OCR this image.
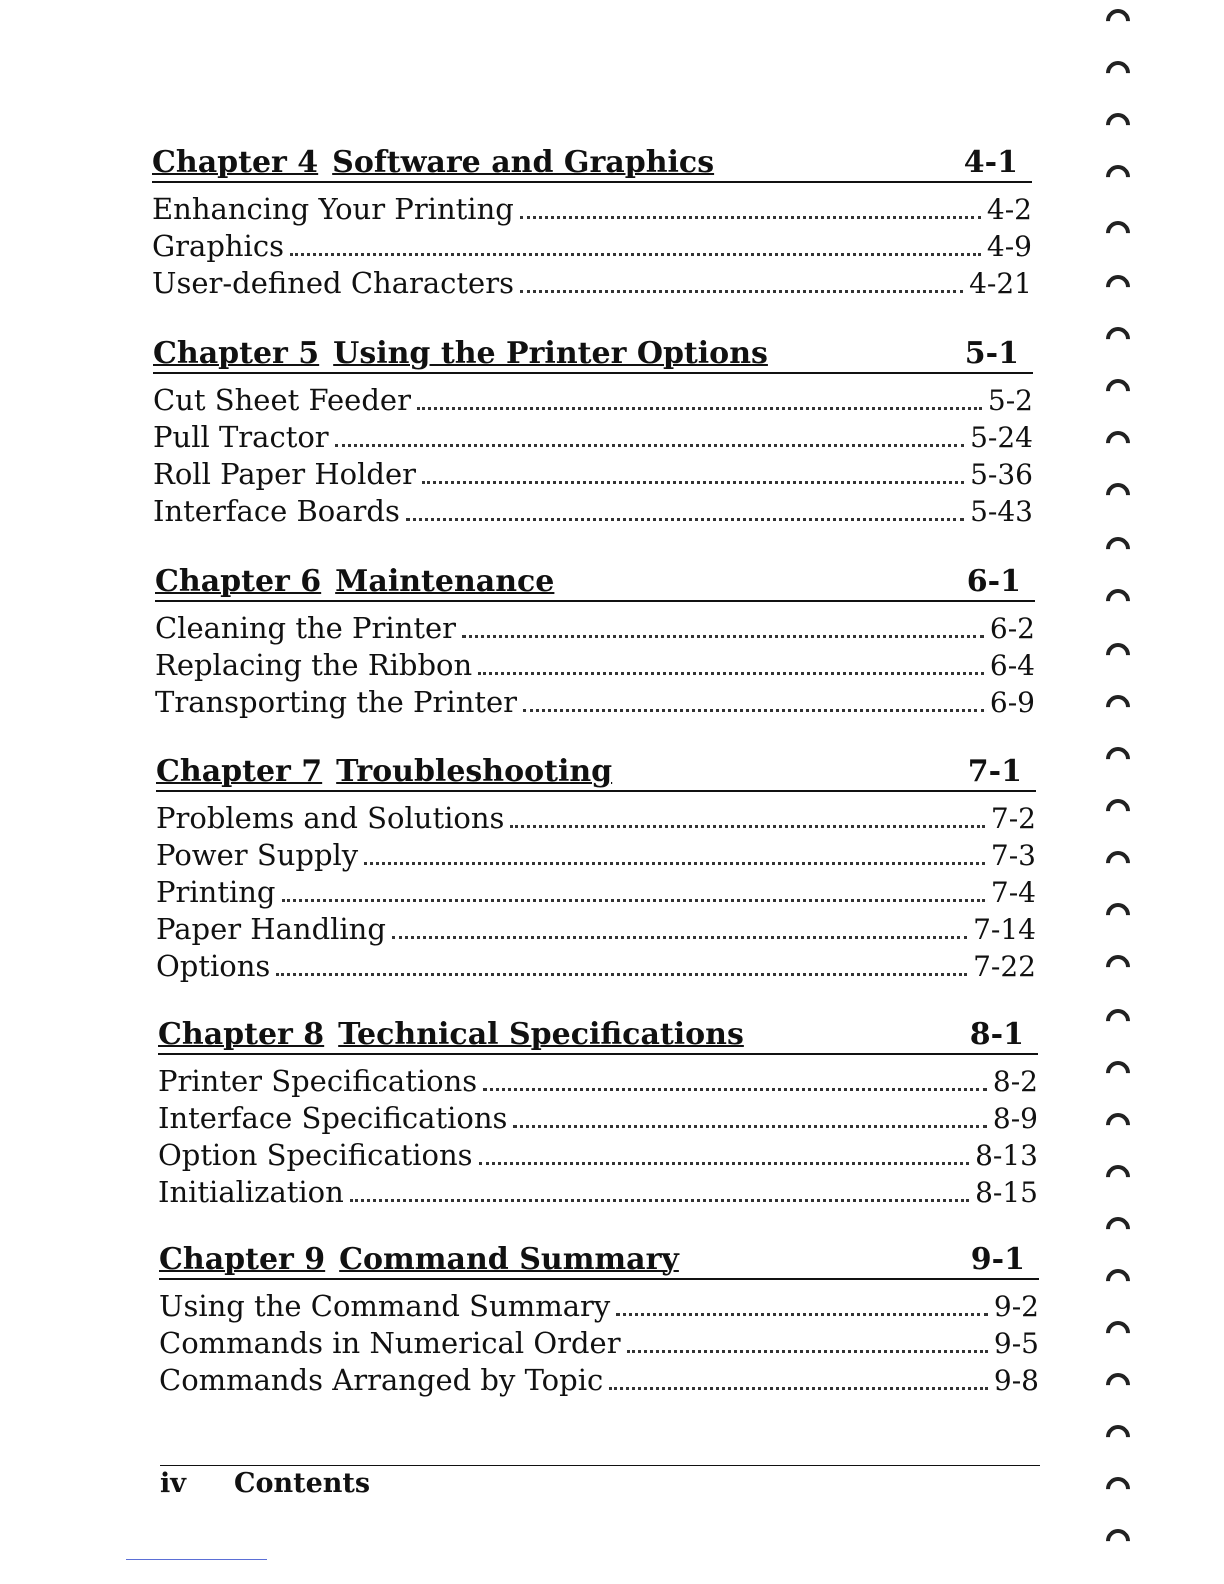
Chapter 4 Software and Graphics	4-1
Enhancing Your Printing	4-2
Graphics	4-9
User-defined Characters	4-21
Chapter 5 Using the Printer Options	5-1
Cut Sheet Feeder	5-2
Pull Tractor	5-24
Roll Paper Holder	5-36
Interface Boards	5-43
Chapter 6 Maintenance	6-1
Cleaning the Printer	6-2
Replacing the Ribbon	6-4
Transporting the Printer	6-9
Chapter 7 Troubleshooting	7-1
Problems and Solutions	7-2
Power Supply	7-3
Printing	7-4
Paper Handling	7-14
Options	7-22
Chapter 8 Technical Specifications	8-1
Printer Specifications	8-2
Interface Specifications	8-9
Option Specifications	8-13
Initialization	8-15
Chapter 9 Command Summary	9-1
Using the Command Summary	9-2
Commands in Numerical Order	9-5
Commands Arranged by Topic	9-8
iv Contents
